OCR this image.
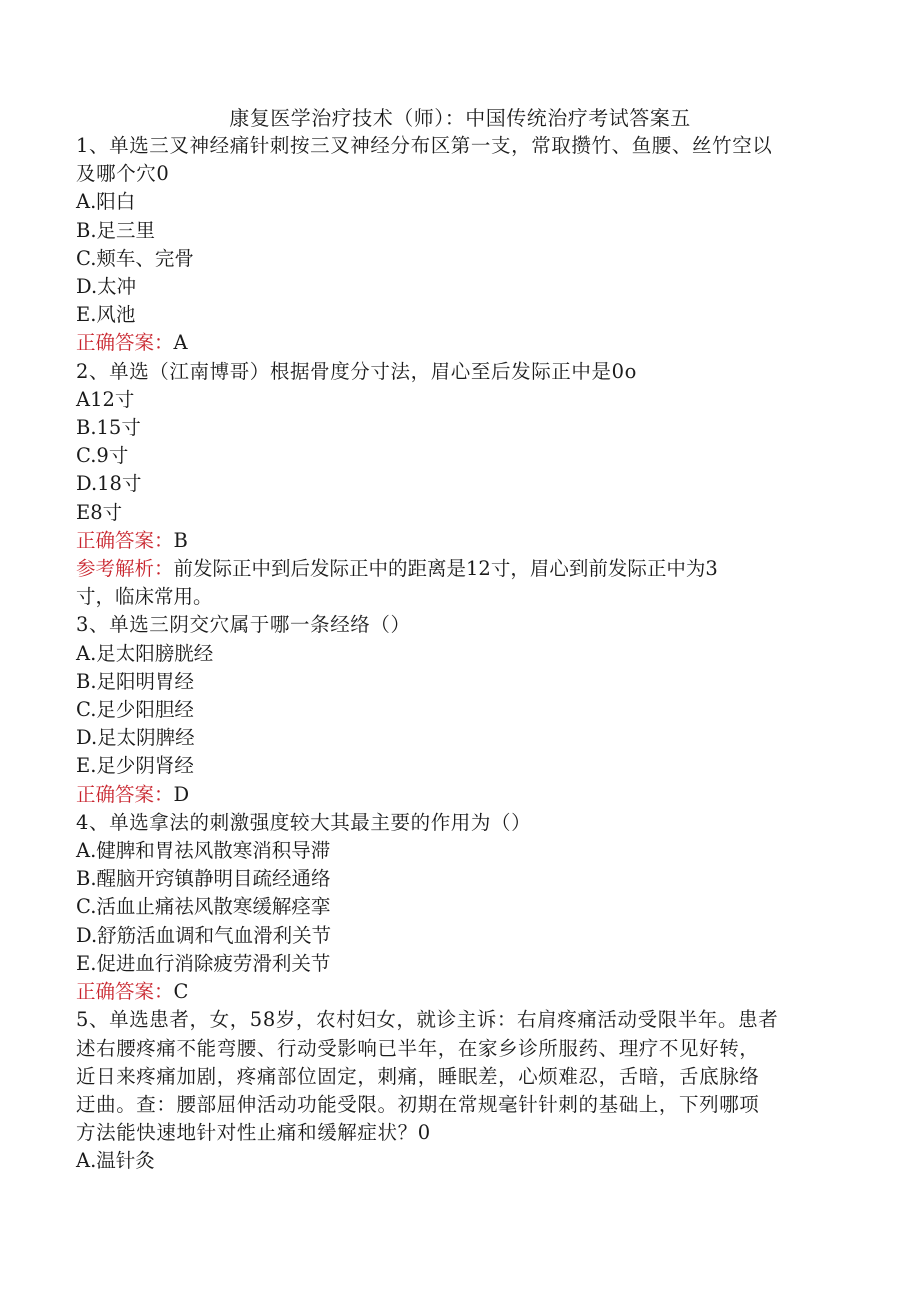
康复医学治疗技术（师）：中国传统治疗考试答案五

1、单选三叉神经痛针刺按三叉神经分布区第一支，常取攒竹、鱼腰、丝竹空以

及哪个穴0

A.阳白

B.足三里

C.颊车、完骨

D.太冲

E.风池

正确答案：A

2、单选（江南博哥）根据骨度分寸法，眉心至后发际正中是0o

A12寸

B.15寸

C.9寸

D.18寸

E8寸

正确答案：B

参考解析：前发际正中到后发际正中的距离是12寸，眉心到前发际正中为3

寸，临床常用。

3、单选三阴交穴属于哪一条经络（）

A.足太阳膀胱经

B.足阳明胃经

C.足少阳胆经

D.足太阴脾经

E.足少阴肾经

正确答案：D

4、单选拿法的刺激强度较大其最主要的作用为（）

A.健脾和胃祛风散寒消积导滞

B.醒脑开窍镇静明目疏经通络

C.活血止痛祛风散寒缓解痉挛

D.舒筋活血调和气血滑利关节

E.促进血行消除疲劳滑利关节

正确答案：C

5、单选患者，女，58岁，农村妇女，就诊主诉：右肩疼痛活动受限半年。患者

述右腰疼痛不能弯腰、行动受影响已半年，在家乡诊所服药、理疗不见好转，

近日来疼痛加剧，疼痛部位固定，刺痛，睡眠差，心烦难忍，舌暗，舌底脉络

迂曲。查：腰部屈伸活动功能受限。初期在常规毫针针刺的基础上，下列哪项

方法能快速地针对性止痛和缓解症状？0

A.温针灸
